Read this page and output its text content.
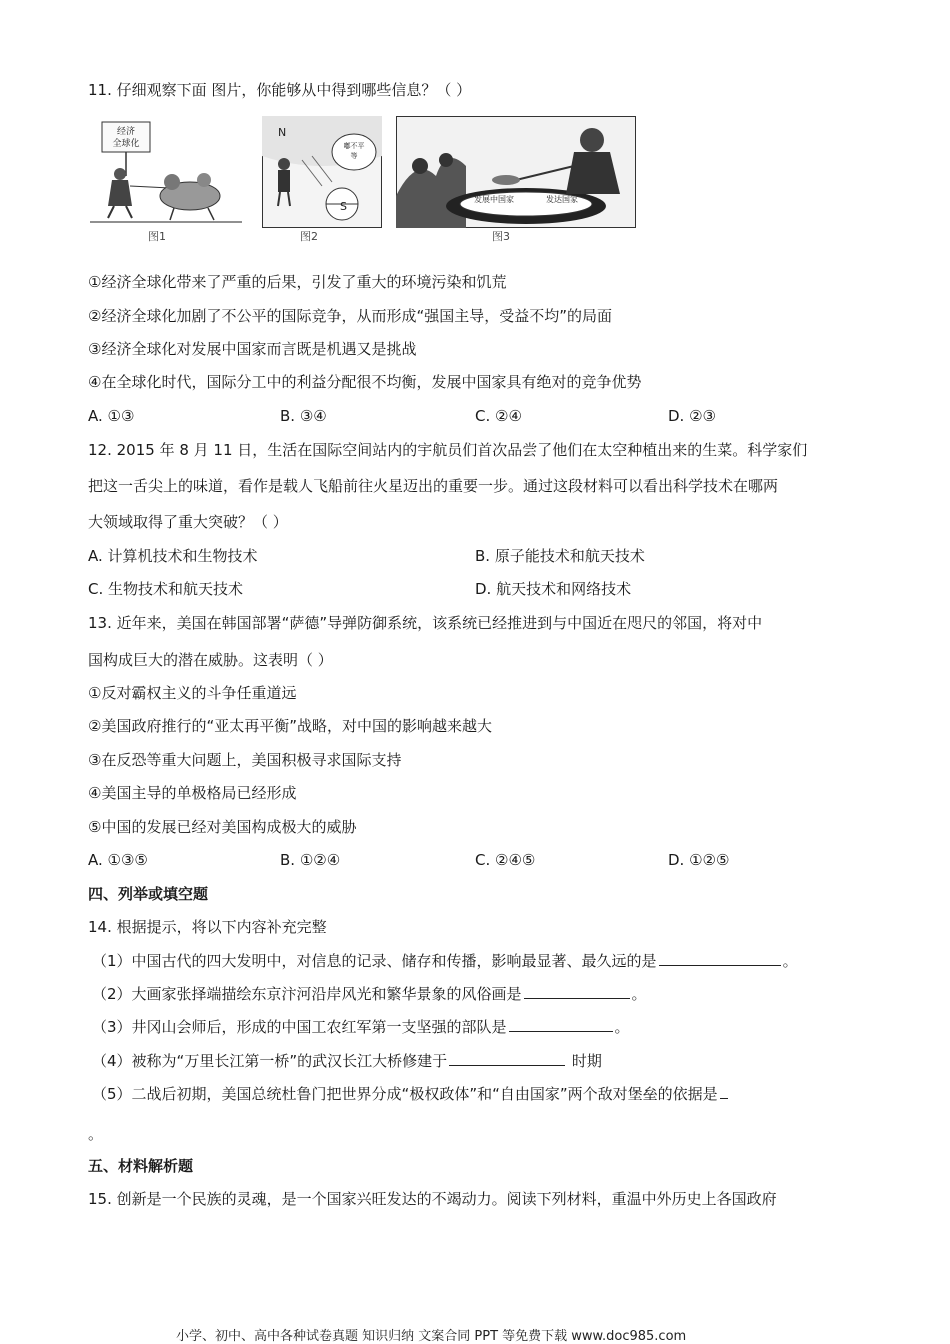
11. 仔细观察下面 图片，你能够从中得到哪些信息？（ ）
经济
全球化
图1
N
嘟不平
等
S
图2
发展中国家	发达国家
图3
①经济全球化带来了严重的后果，引发了重大的环境污染和饥荒
②经济全球化加剧了不公平的国际竞争，从而形成“强国主导，受益不均”的局面
③经济全球化对发展中国家而言既是机遇又是挑战
④在全球化时代，国际分工中的利益分配很不均衡，发展中国家具有绝对的竞争优势
A. ①③	B. ③④	C. ②④	D. ②③
12. 2015 年 8 月 11 日，生活在国际空间站内的宇航员们首次品尝了他们在太空种植出来的生菜。科学家们
把这一舌尖上的味道，看作是载人飞船前往火星迈出的重要一步。通过这段材料可以看出科学技术在哪两
大领域取得了重大突破？（ ）
A. 计算机技术和生物技术	B. 原子能技术和航天技术
C. 生物技术和航天技术	D. 航天技术和网络技术
13. 近年来，美国在韩国部署“萨德”导弹防御系统，该系统已经推进到与中国近在咫尺的邻国，将对中
国构成巨大的潜在威胁。这表明（ ）
①反对霸权主义的斗争任重道远
②美国政府推行的“亚太再平衡”战略，对中国的影响越来越大
③在反恐等重大问题上，美国积极寻求国际支持
④美国主导的单极格局已经形成
⑤中国的发展已经对美国构成极大的威胁
A. ①③⑤	B. ①②④	C. ②④⑤	D. ①②⑤
四、列举或填空题
14. 根据提示，将以下内容补充完整
（1）中国古代的四大发明中，对信息的记录、储存和传播，影响最显著、最久远的是	。
（2）大画家张择端描绘东京汴河沿岸风光和繁华景象的风俗画是	。
（3）井冈山会师后，形成的中国工农红军第一支坚强的部队是	。
（4）被称为“万里长江第一桥”的武汉长江大桥修建于	时期
（5）二战后初期，美国总统杜鲁门把世界分成“极权政体”和“自由国家”两个敌对堡垒的依据是
。
五、材料解析题
15. 创新是一个民族的灵魂，是一个国家兴旺发达的不竭动力。阅读下列材料，重温中外历史上各国政府
小学、初中、高中各种试卷真题 知识归纳 文案合同 PPT 等免费下载 www.doc985.com
